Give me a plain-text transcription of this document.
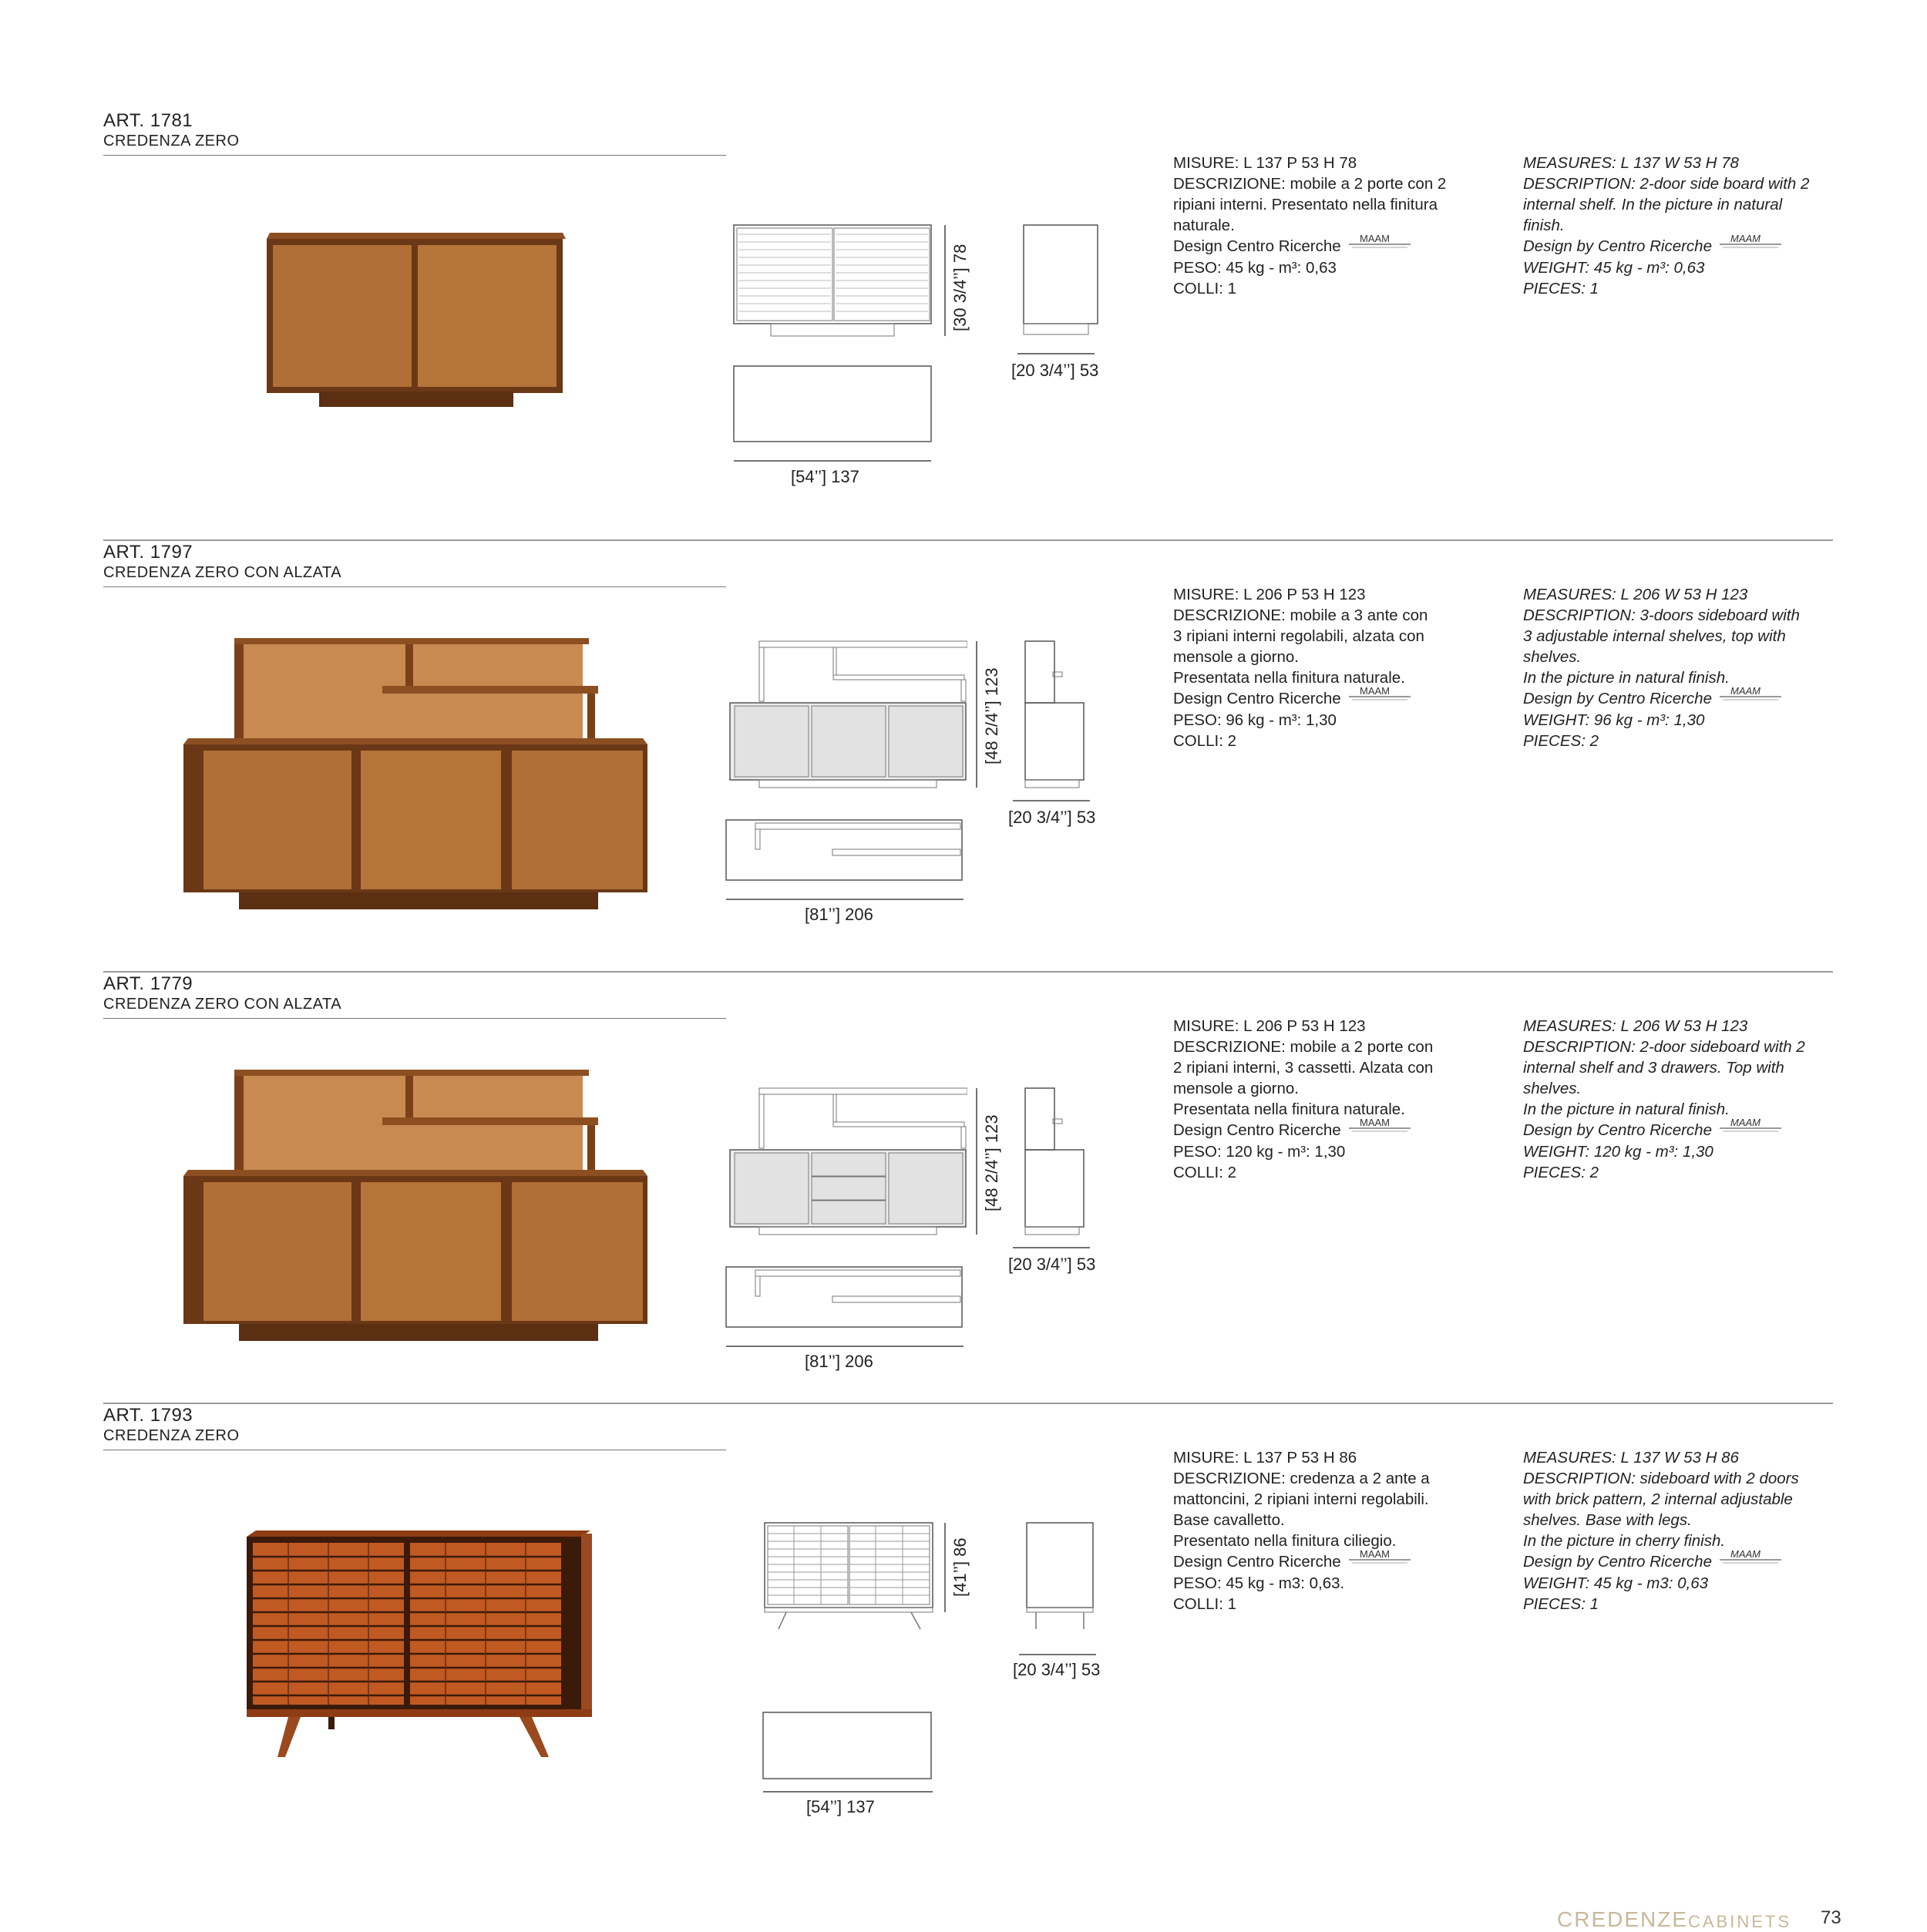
ART. 1781
CREDENZA ZERO
[30 3/4’’] 78
[20 3/4’’] 53
[54’’] 137
MISURE: L 137 P 53 H 78
DESCRIZIONE: mobile a 2 porte con 2
ripiani interni. Presentato nella finitura
naturale.
Design Centro Ricerche MAAM
PESO: 45 kg - m³: 0,63
COLLI: 1
MEASURES: L 137 W 53 H 78
DESCRIPTION: 2-door side board with 2
internal shelf. In the picture in natural
finish.
Design by Centro Ricerche MAAM
WEIGHT: 45 kg - m³: 0,63
PIECES: 1
ART. 1797
CREDENZA ZERO CON ALZATA
[48 2/4’’] 123
[20 3/4’’] 53
[81’’] 206
MISURE: L 206 P 53 H 123
DESCRIZIONE: mobile a 3 ante con
3 ripiani interni regolabili, alzata con
mensole a giorno.
Presentata nella finitura naturale.
Design Centro Ricerche MAAM
PESO: 96 kg - m³: 1,30
COLLI: 2
MEASURES: L 206 W 53 H 123
DESCRIPTION: 3-doors sideboard with
3 adjustable internal shelves, top with
shelves.
In the picture in natural finish.
Design by Centro Ricerche MAAM
WEIGHT: 96 kg - m³: 1,30
PIECES: 2
ART. 1779
CREDENZA ZERO CON ALZATA
[48 2/4’’] 123
[20 3/4’’] 53
[81’’] 206
MISURE: L 206 P 53 H 123
DESCRIZIONE: mobile a 2 porte con
2 ripiani interni, 3 cassetti. Alzata con
mensole a giorno.
Presentata nella finitura naturale.
Design Centro Ricerche MAAM
PESO: 120 kg - m³: 1,30
COLLI: 2
MEASURES: L 206 W 53 H 123
DESCRIPTION: 2-door sideboard with 2
internal shelf and 3 drawers. Top with
shelves.
In the picture in natural finish.
Design by Centro Ricerche MAAM
WEIGHT: 120 kg - m³: 1,30
PIECES: 2
ART. 1793
CREDENZA ZERO
[41’’] 86
[20 3/4’’] 53
[54’’] 137
MISURE: L 137 P 53 H 86
DESCRIZIONE: credenza a 2 ante a
mattoncini, 2 ripiani interni regolabili.
Base cavalletto.
Presentato nella finitura ciliegio.
Design Centro Ricerche MAAM
PESO: 45 kg - m3: 0,63.
COLLI: 1
MEASURES: L 137 W 53 H 86
DESCRIPTION: sideboard with 2 doors
with brick pattern, 2 internal adjustable
shelves. Base with legs.
In the picture in cherry finish.
Design by Centro Ricerche MAAM
WEIGHT: 45 kg - m3: 0,63
PIECES: 1
CREDENZE CABINETS 73
